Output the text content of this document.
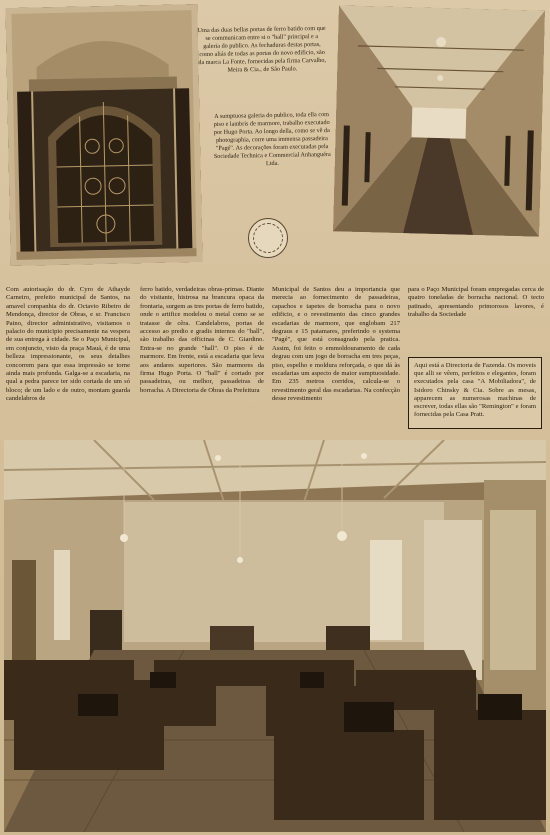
Uma das duas bellas portas de ferro batido com que se communicam entre si o "hall" principal e a galeria do publico. As fechaduras destas portas, como aliás de todas as portas do novo edificio, são da marca La Fonte, fornecidas pela firma Carvalho, Meira & Cia., de São Paulo.
A sumptuosa galeria do publico, toda ella com piso e lambris de marmore, trabalho executado por Hugo Porta. Ao longo della, como se vê da photographia, corre uma immensa passadeira "Pagé". As decorações foram executadas pela Sociedade Technica e Commercial Anhanguéra Ltda.
Com autorisação do dr. Cyro de Athayde Carneiro, prefeito municipal de Santos, na amavel companhia do dr. Octavio Ribeiro de Mendonça, director de Obras, e sr. Francisco Paino, director administrativo, visitamos o palacio do municipio precisamente na vespera de sua entrega à cidade. Se o Paço Municipal, em conjuncto, visto da praça Mauá, é de uma belleza impressionante, os seus detalhes concorrem para que essa impressão se torne ainda mais profunda. Galga-se a escadaria, na qual a pedra parece ter sido cortada de um só bloco; de um lado e de outro, montam guarda candelabros de
ferro batido, verdadeiras obras-primas. Diante do visitante, histrosa na brancura opaca da frontaria, surgem as tres portas de ferro batido, onde o artifice modelou o metal como se se tratasse de cêra. Candelabros, portas de accesso ao predio e gradis internos do "hall", são trabalho das officinas de C. Giardino. Entra-se no grande "hall". O piso é de marmore. Em frente, está a escadaria que leva aos andares superiores. São marmores da firma Hugo Porta. O "hall" é cortado por passadeiras, ou melhor, passadeiras de borracha. A Directoria de Obras da Prefeitura
Municipal de Santos deu a importancia que merecia ao fornecimento de passadeiras, capachos e tapetes de borracha para o novo edificio, e o revestimento das cinco grandes escadarias de marmore, que englobam 217 degraus e 15 patamares, preferindo o systema "Pagé", que está consagrado pela pratica. Assim, foi feito o emmoldouramento de cada degrau com um jogo de borracha em tres peças, piso, espelho e moldura reforçada, o que dá às escadarias um aspecto de maior sumptuosidade. Em 235 metros corridos, calcula-se o revestimento geral das escadarias. Na confecção desse revestimento
para o Paço Municipal foram empregadas cerca de quatro toneladas de borracha nacional. O tecto patinado, apresentando primorosos lavores, é trabalho da Sociedade
Aqui está a Directoria de Fazenda. Os moveis que alli se vêem, perfeitos e elegantes, foram executados pela casa "A Mobiliadora", de Isidoro Chinsky & Cia. Sobre as mesas, apparecem as numerosas machinas de escrever, todas ellas são "Remington" e foram fornecidas pela Casa Pratt.
